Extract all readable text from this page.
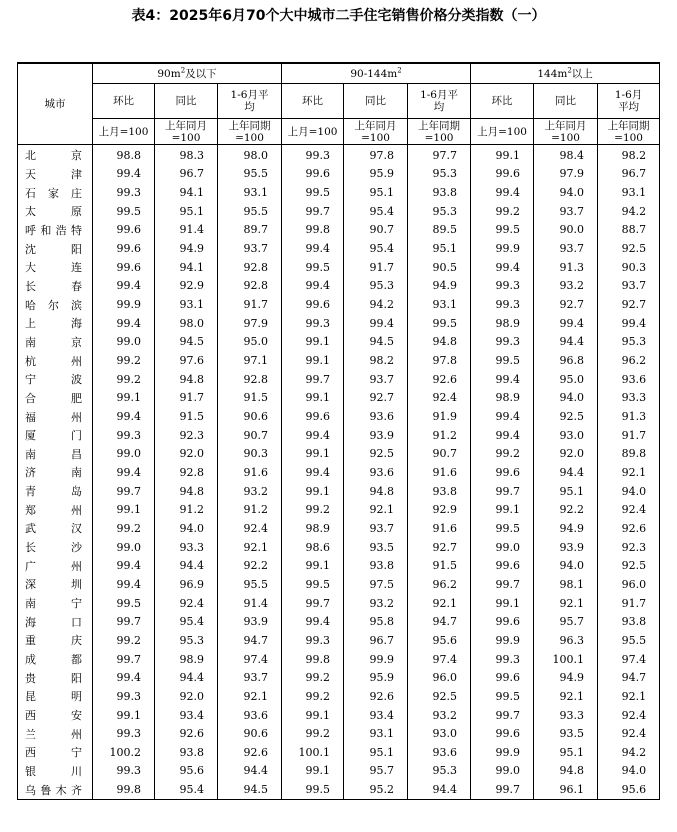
表4：2025年6月70个大中城市二手住宅销售价格分类指数（一）
城市	$90m^2$及以下			$90-144m^2$			$144m^2$以上		
	环比	同比	1-6月平均	环比	同比	1-6月平均	环比	同比	1-6月平均
	上月=100	上年同月=100	上年同期=100	上月=100	上年同月=100	上年同期=100	上月=100	上年同月=100	上年同期=100
北京	98.8	98.3	98.0	99.3	97.8	97.7	99.1	98.4	98.2
天津	99.4	96.7	95.5	99.6	95.9	95.3	99.6	97.9	96.7
石家庄	99.3	94.1	93.1	99.5	95.1	93.8	99.4	94.0	93.1
太原	99.5	95.1	95.5	99.7	95.4	95.3	99.2	93.7	94.2
呼和浩特	99.6	91.4	89.7	99.8	90.7	89.5	99.5	90.0	88.7
沈阳	99.6	94.9	93.7	99.4	95.4	95.1	99.9	93.7	92.5
大连	99.6	94.1	92.8	99.5	91.7	90.5	99.4	91.3	90.3
长春	99.4	92.9	92.8	99.4	95.3	94.9	99.3	93.2	93.7
哈尔滨	99.9	93.1	91.7	99.6	94.2	93.1	99.3	92.7	92.7
上海	99.4	98.0	97.9	99.3	99.4	99.5	98.9	99.4	99.4
南京	99.0	94.5	95.0	99.1	94.5	94.8	99.3	94.4	95.3
杭州	99.2	97.6	97.1	99.1	98.2	97.8	99.5	96.8	96.2
宁波	99.2	94.8	92.8	99.7	93.7	92.6	99.4	95.0	93.6
合肥	99.1	91.7	91.5	99.1	92.7	92.4	98.9	94.0	93.3
福州	99.4	91.5	90.6	99.6	93.6	91.9	99.4	92.5	91.3
厦门	99.3	92.3	90.7	99.4	93.9	91.2	99.4	93.0	91.7
南昌	99.0	92.0	90.3	99.1	92.5	90.7	99.2	92.0	89.8
济南	99.4	92.8	91.6	99.4	93.6	91.6	99.6	94.4	92.1
青岛	99.7	94.8	93.2	99.1	94.8	93.8	99.7	95.1	94.0
郑州	99.1	91.2	91.2	99.2	92.1	92.9	99.1	92.2	92.4
武汉	99.2	94.0	92.4	98.9	93.7	91.6	99.5	94.9	92.6
长沙	99.0	93.3	92.1	98.6	93.5	92.7	99.0	93.9	92.3
广州	99.4	94.4	92.2	99.1	93.8	91.5	99.6	94.0	92.5
深圳	99.4	96.9	95.5	99.5	97.5	96.2	99.7	98.1	96.0
南宁	99.5	92.4	91.4	99.7	93.2	92.1	99.1	92.1	91.7
海口	99.7	95.4	93.9	99.4	95.8	94.7	99.6	95.7	93.8
重庆	99.2	95.3	94.7	99.3	96.7	95.6	99.9	96.3	95.5
成都	99.7	98.9	97.4	99.8	99.9	97.4	99.3	100.1	97.4
贵阳	99.4	94.4	93.7	99.2	95.9	96.0	99.6	94.9	94.7
昆明	99.3	92.0	92.1	99.2	92.6	92.5	99.5	92.1	92.1
西安	99.1	93.4	93.6	99.1	93.4	93.2	99.7	93.3	92.4
兰州	99.3	92.6	90.6	99.2	93.1	93.0	99.6	93.5	92.4
西宁	100.2	93.8	92.6	100.1	95.1	93.6	99.9	95.1	94.2
银川	99.3	95.6	94.4	99.1	95.7	95.3	99.0	94.8	94.0
乌鲁木齐	99.8	95.4	94.5	99.5	95.2	94.4	99.7	96.1	95.6
